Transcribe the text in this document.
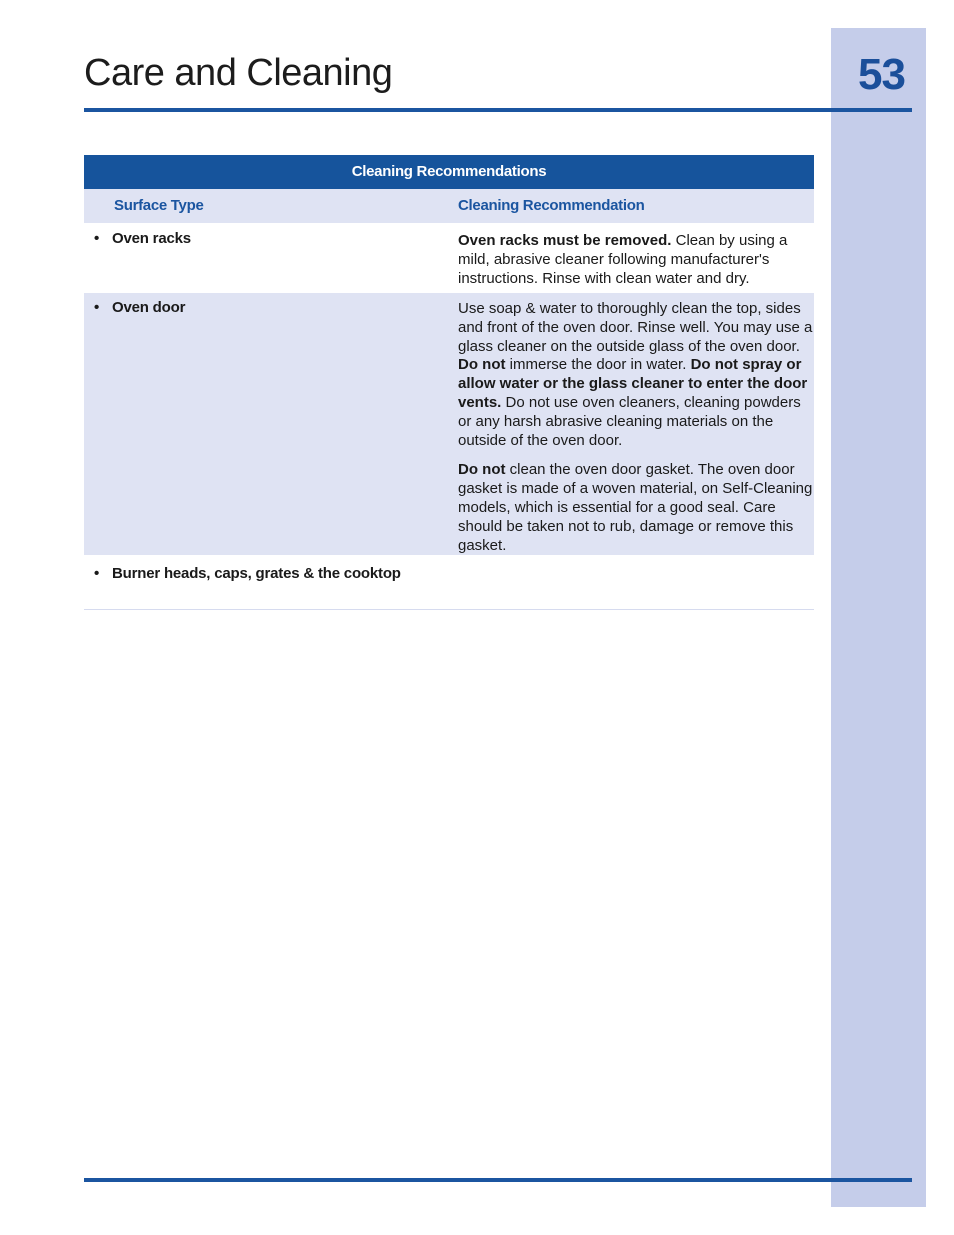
Care and Cleaning	53
Cleaning Recommendations
Surface Type	Cleaning Recommendation
• Oven racks	Oven racks must be removed. Clean by using a mild, abrasive cleaner following manufacturer's instructions. Rinse with clean water and dry.

• Oven door	Use soap & water to thoroughly clean the top, sides and front of the oven door. Rinse well. You may use a glass cleaner on the outside glass of the oven door. Do not immerse the door in water. Do not spray or allow water or the glass cleaner to enter the door vents. Do not use oven cleaners, cleaning powders or any harsh abrasive cleaning materials on the outside of the oven door.

Do not clean the oven door gasket. The oven door gasket is made of a woven material, on Self-Cleaning models, which is essential for a good seal. Care should be taken not to rub, damage or remove this gasket.

• Burner heads, caps, grates & the cooktop
